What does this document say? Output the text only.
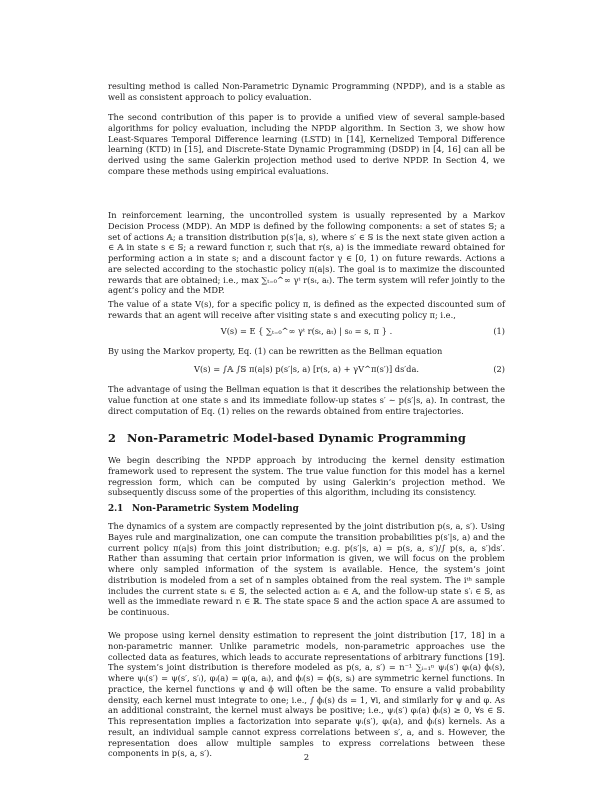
resulting method is called Non-Parametric Dynamic Programming (NPDP), and is a stable as well as consistent approach to policy evaluation.

The second contribution of this paper is to provide a unified view of several sample-based algorithms for policy evaluation, including the NPDP algorithm. In Section 3, we show how Least-Squares Temporal Difference learning (LSTD) in [14], Kernelized Temporal Difference learning (KTD) in [15], and Discrete-State Dynamic Programming (DSDP) in [4, 16] can all be derived using the same Galerkin projection method used to derive NPDP. In Section 4, we compare these methods using empirical evaluations.

In reinforcement learning, the uncontrolled system is usually represented by a Markov Decision Process (MDP). An MDP is defined by the following components: a set of states 𝕊; a set of actions 𝔸; a transition distribution p(s′|a, s), where s′ ∈ 𝕊 is the next state given action a ∈ 𝔸 in state s ∈ 𝕊; a reward function r, such that r(s, a) is the immediate reward obtained for performing action a in state s; and a discount factor γ ∈ [0, 1) on future rewards. Actions a are selected according to the stochastic policy π(a|s). The goal is to maximize the discounted rewards that are obtained; i.e., max ∑ₜ₌₀^∞ γᵗ r(sₜ, aₜ). The term system will refer jointly to the agent’s policy and the MDP.

The value of a state V(s), for a specific policy π, is defined as the expected discounted sum of rewards that an agent will receive after visiting state s and executing policy π; i.e.,

V(s) = E { ∑ₜ₌₀^∞ γᵗ r(sₜ, aₜ) | s₀ = s, π } .	(1)

By using the Markov property, Eq. (1) can be rewritten as the Bellman equation

V(s) = ∫𝔸 ∫𝕊 π(a|s) p(s′|s, a) [r(s, a) + γV^π(s′)] ds′da.	(2)

The advantage of using the Bellman equation is that it describes the relationship between the value function at one state s and its immediate follow-up states s′ ∼ p(s′|s, a). In contrast, the direct computation of Eq. (1) relies on the rewards obtained from entire trajectories.

2 Non-Parametric Model-based Dynamic Programming

We begin describing the NPDP approach by introducing the kernel density estimation framework used to represent the system. The true value function for this model has a kernel regression form, which can be computed by using Galerkin’s projection method. We subsequently discuss some of the properties of this algorithm, including its consistency.

2.1 Non-Parametric System Modeling

The dynamics of a system are compactly represented by the joint distribution p(s, a, s′). Using Bayes rule and marginalization, one can compute the transition probabilities p(s′|s, a) and the current policy π(a|s) from this joint distribution; e.g. p(s′|s, a) = p(s, a, s′)/∫ p(s, a, s′)ds′. Rather than assuming that certain prior information is given, we will focus on the problem where only sampled information of the system is available. Hence, the system’s joint distribution is modeled from a set of n samples obtained from the real system. The iᵗʰ sample includes the current state sᵢ ∈ 𝕊, the selected action aᵢ ∈ 𝔸, and the follow-up state s′ᵢ ∈ 𝕊, as well as the immediate reward rᵢ ∈ ℝ. The state space 𝕊 and the action space 𝔸 are assumed to be continuous.

We propose using kernel density estimation to represent the joint distribution [17, 18] in a non-parametric manner. Unlike parametric models, non-parametric approaches use the collected data as features, which leads to accurate representations of arbitrary functions [19]. The system’s joint distribution is therefore modeled as p(s, a, s′) = n⁻¹ ∑ᵢ₌₁ⁿ ψᵢ(s′) φᵢ(a) ϕᵢ(s), where ψᵢ(s′) = ψ(s′, s′ᵢ), φᵢ(a) = φ(a, aᵢ), and ϕᵢ(s) = ϕ(s, sᵢ) are symmetric kernel functions. In practice, the kernel functions ψ and ϕ will often be the same. To ensure a valid probability density, each kernel must integrate to one; i.e., ∫ ϕᵢ(s) ds = 1, ∀i, and similarly for ψ and φ. As an additional constraint, the kernel must always be positive; i.e., ψᵢ(s′) φᵢ(a) ϕᵢ(s) ≥ 0, ∀s ∈ 𝕊. This representation implies a factorization into separate ψᵢ(s′), φᵢ(a), and ϕᵢ(s) kernels. As a result, an individual sample cannot express correlations between s′, a, and s. However, the representation does allow multiple samples to express correlations between these components in p(s, a, s′).	2
